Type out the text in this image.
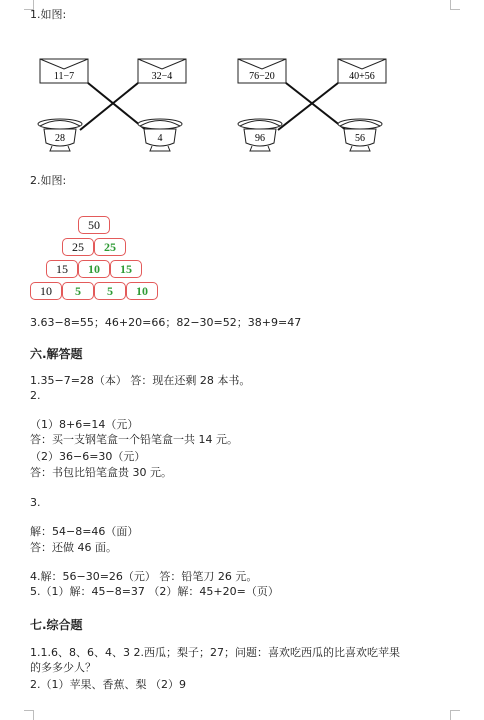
1.如图:
11−7	32−4
28	4
76−20	40+56
96	56
2.如图:
50
25	25
15	10	15
10	5	5	10
3.63−8=55；46+20=66；82−30=52；38+9=47
六.解答题
1.35−7=28（本） 答：现在还剩 28 本书。
2.
（1）8+6=14（元）
答：买一支钢笔盒一个铅笔盒一共 14 元。
（2）36−6=30（元）
答：书包比铅笔盒贵 30 元。
3.
解：54−8=46（面）
答：还做 46 面。
4.解：56−30=26（元） 答：铅笔刀 26 元。
5.（1）解：45−8=37 （2）解：45+20=（页）
七.综合题
1.1.6、8、6、4、3 2.西瓜；梨子；27；问题：喜欢吃西瓜的比喜欢吃苹果
的多多少人？
2.（1）苹果、香蕉、梨 （2）9
